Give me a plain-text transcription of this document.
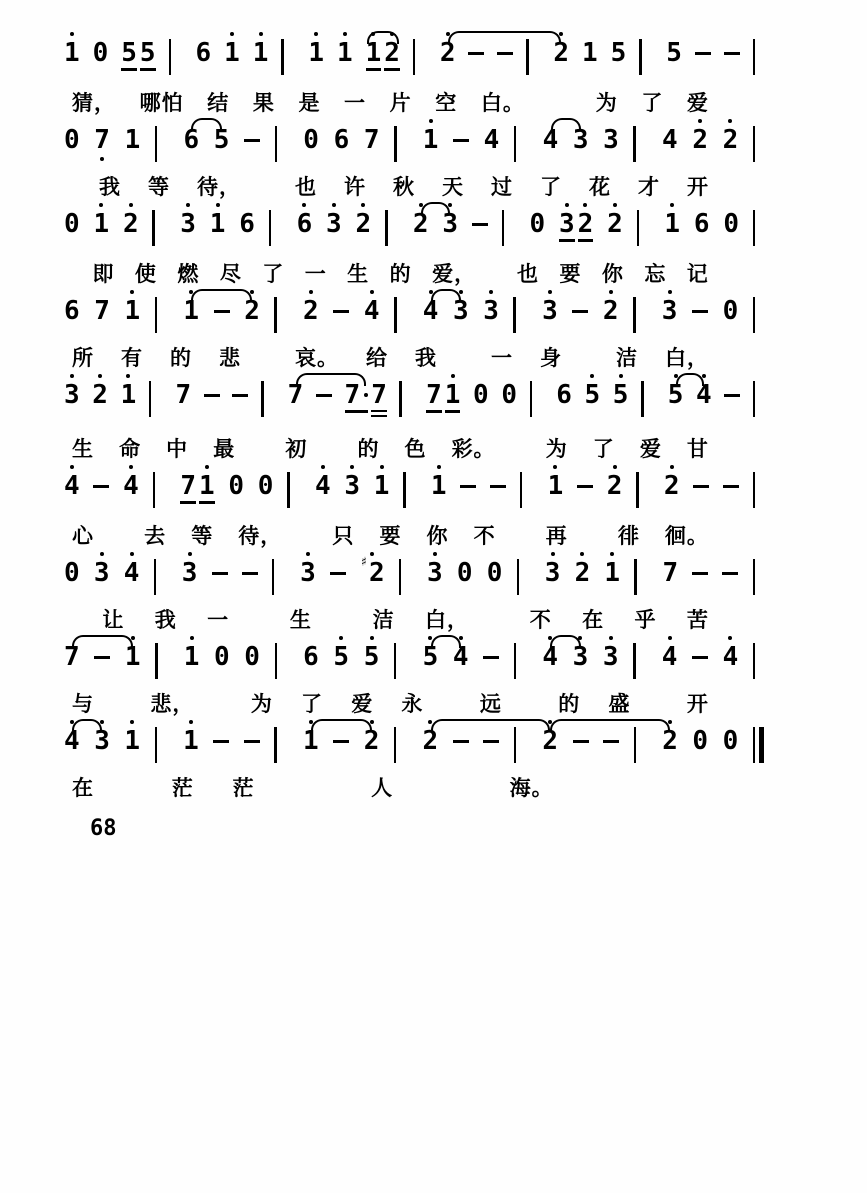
1 0 5 5 6 1 1 1 1 1 2 2	2 1 5 5
猜， 哪怕 结 果 是 一 片 空 白。	为 了 爱
0 7 1 6 5	0 6 7 1 4 4 3 3 4 2 2
我 等 待，	也 许 秋 天 过 了 花 才 开
0 1 2 3 1 6 6 3 2 2 3	0 3 2 2 1 6 0
即 使 燃 尽 了 一 生 的 爱， 也 要 你 忘 记
6 7 1 1 2 2 4 4 3 3 3 2 3 0
所 有 的 悲	哀。 给 我	一 身	洁 白，
3 2 1 7	7 7 7 7 1 0 0 6 5 5 5 4
生 命 中 最 初 的 色 彩。 为 了 爱 甘
4 4 7 1 0 0 4 3 1 1	1 2 2
心 去 等 待， 只 要 你 不 再 徘 徊。
0 3 4 3	3	♯ 2 3 0 0 3 2 1 7
让 我 一	生	洁 白，	不 在 乎 苦
7 1 1 0 0 6 5 5 5 4	4 3 3 4 4
与	悲，	为 了 爱 永	远	的 盛	开
4 3 1 1	1 2 2	2	2 0 0
在	茫 茫	人	海。
68
